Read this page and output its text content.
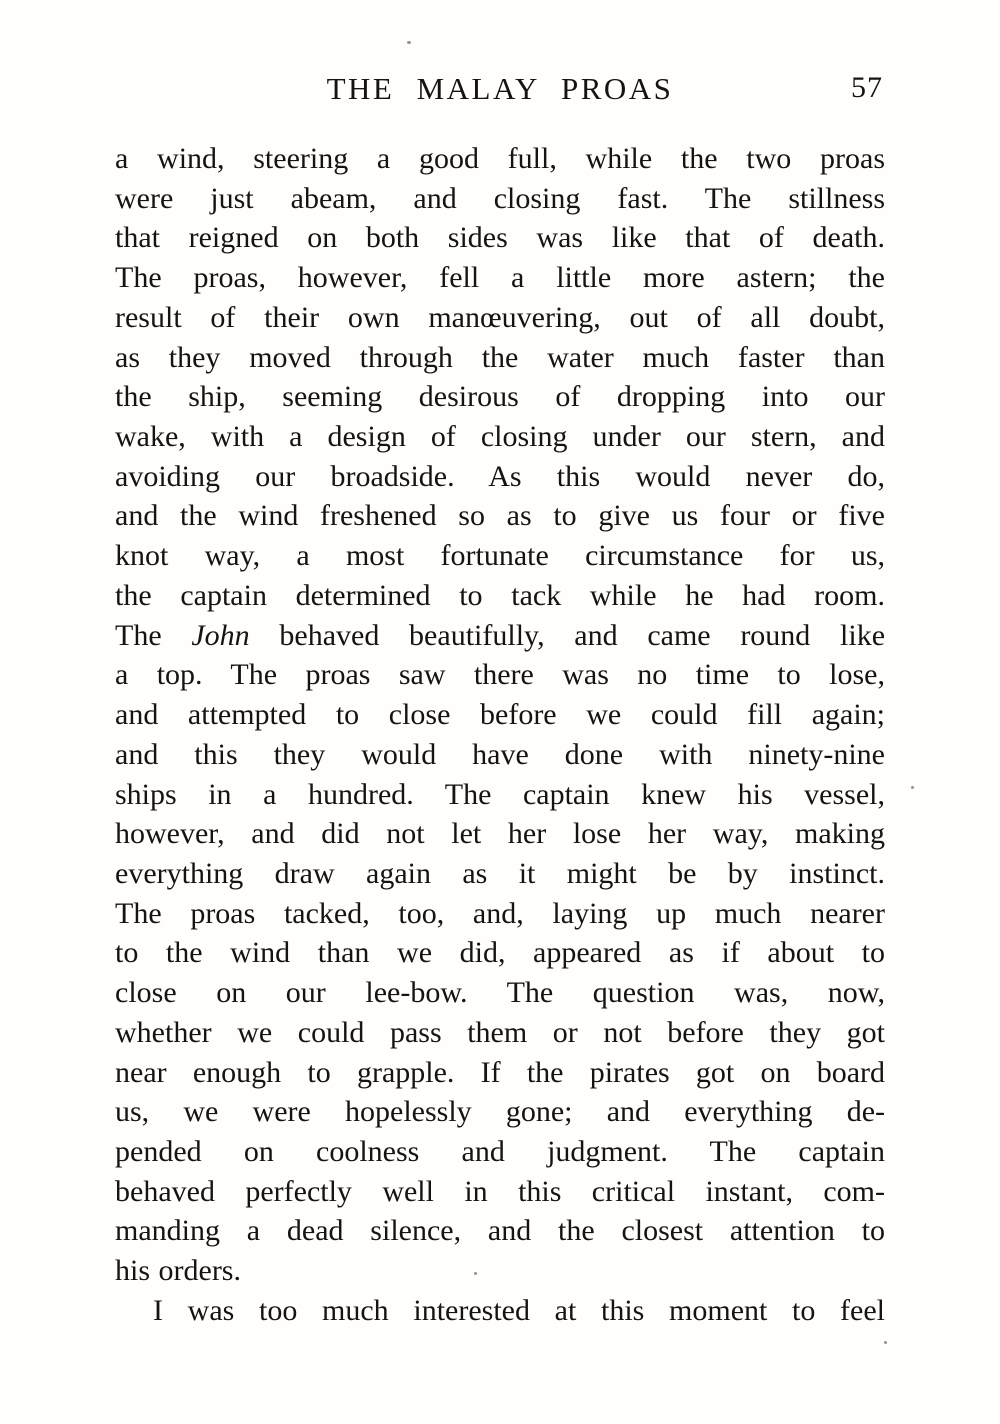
THE MALAY PROAS	57
a wind, steering a good full, while the two proas
were just abeam, and closing fast. The stillness
that reigned on both sides was like that of death.
The proas, however, fell a little more astern; the
result of their own manœuvering, out of all doubt,
as they moved through the water much faster than
the ship, seeming desirous of dropping into our
wake, with a design of closing under our stern, and
avoiding our broadside. As this would never do,
and the wind freshened so as to give us four or five
knot way, a most fortunate circumstance for us,
the captain determined to tack while he had room.
The John behaved beautifully, and came round like
a top. The proas saw there was no time to lose,
and attempted to close before we could fill again;
and this they would have done with ninety-nine
ships in a hundred. The captain knew his vessel,
however, and did not let her lose her way, making
everything draw again as it might be by instinct.
The proas tacked, too, and, laying up much nearer
to the wind than we did, appeared as if about to
close on our lee-bow. The question was, now,
whether we could pass them or not before they got
near enough to grapple. If the pirates got on board
us, we were hopelessly gone; and everything de-
pended on coolness and judgment. The captain
behaved perfectly well in this critical instant, com-
manding a dead silence, and the closest attention to
his orders.
I was too much interested at this moment to feel
